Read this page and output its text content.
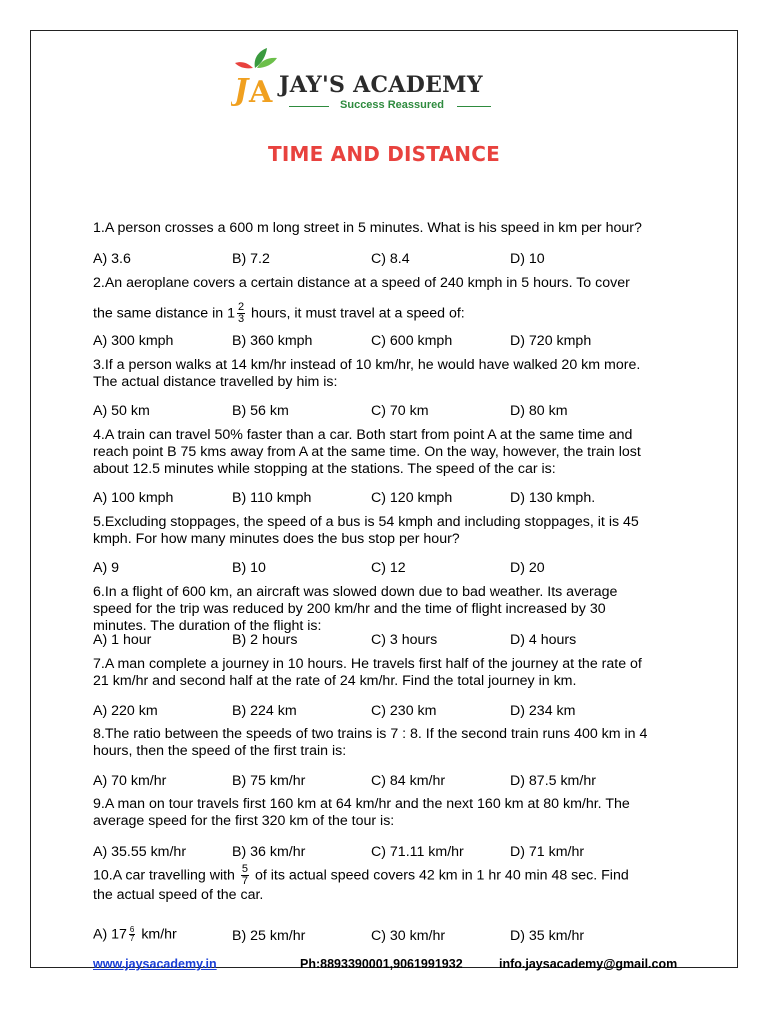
J A JAY'S ACADEMY
Success Reassured
TIME AND DISTANCE
1.A person crosses a 600 m long street in 5 minutes. What is his speed in km per hour?
A) 3.6	B) 7.2	C) 8.4	D) 10
2.An aeroplane covers a certain distance at a speed of 240 kmph in 5 hours. To cover
the same distance in $1 \frac{2}{3}$ hours, it must travel at a speed of:
A) 300 kmph	B) 360 kmph	C) 600 kmph	D) 720 kmph
3.If a person walks at 14 km/hr instead of 10 km/hr, he would have walked 20 km more.
The actual distance travelled by him is:
A) 50 km	B) 56 km	C) 70 km	D) 80 km
4.A train can travel 50% faster than a car. Both start from point A at the same time and
reach point B 75 kms away from A at the same time. On the way, however, the train lost
about 12.5 minutes while stopping at the stations. The speed of the car is:
A) 100 kmph	B) 110 kmph	C) 120 kmph	D) 130 kmph.
5.Excluding stoppages, the speed of a bus is 54 kmph and including stoppages, it is 45
kmph. For how many minutes does the bus stop per hour?
A) 9	B) 10	C) 12	D) 20
6.In a flight of 600 km, an aircraft was slowed down due to bad weather. Its average
speed for the trip was reduced by 200 km/hr and the time of flight increased by 30
minutes. The duration of the flight is:
A) 1 hour	B) 2 hours	C) 3 hours	D) 4 hours
7.A man complete a journey in 10 hours. He travels first half of the journey at the rate of
21 km/hr and second half at the rate of 24 km/hr. Find the total journey in km.
A) 220 km	B) 224 km	C) 230 km	D) 234 km
8.The ratio between the speeds of two trains is 7 : 8. If the second train runs 400 km in 4
hours, then the speed of the first train is:
A) 70 km/hr	B) 75 km/hr	C) 84 km/hr	D) 87.5 km/hr
9.A man on tour travels first 160 km at 64 km/hr and the next 160 km at 80 km/hr. The
average speed for the first 320 km of the tour is:
A) 35.55 km/hr	B) 36 km/hr	C) 71.11 km/hr	D) 71 km/hr
10.A car travelling with $\frac{5}{7}$ of its actual speed covers 42 km in 1 hr 40 min 48 sec. Find
the actual speed of the car.
A) $17 \frac{6}{7} km/hr$	B) 25 km/hr	C) 30 km/hr	D) 35 km/hr
www.jaysacademy.in	Ph:8893390001,9061991932	info.jaysacademy@gmail.com
